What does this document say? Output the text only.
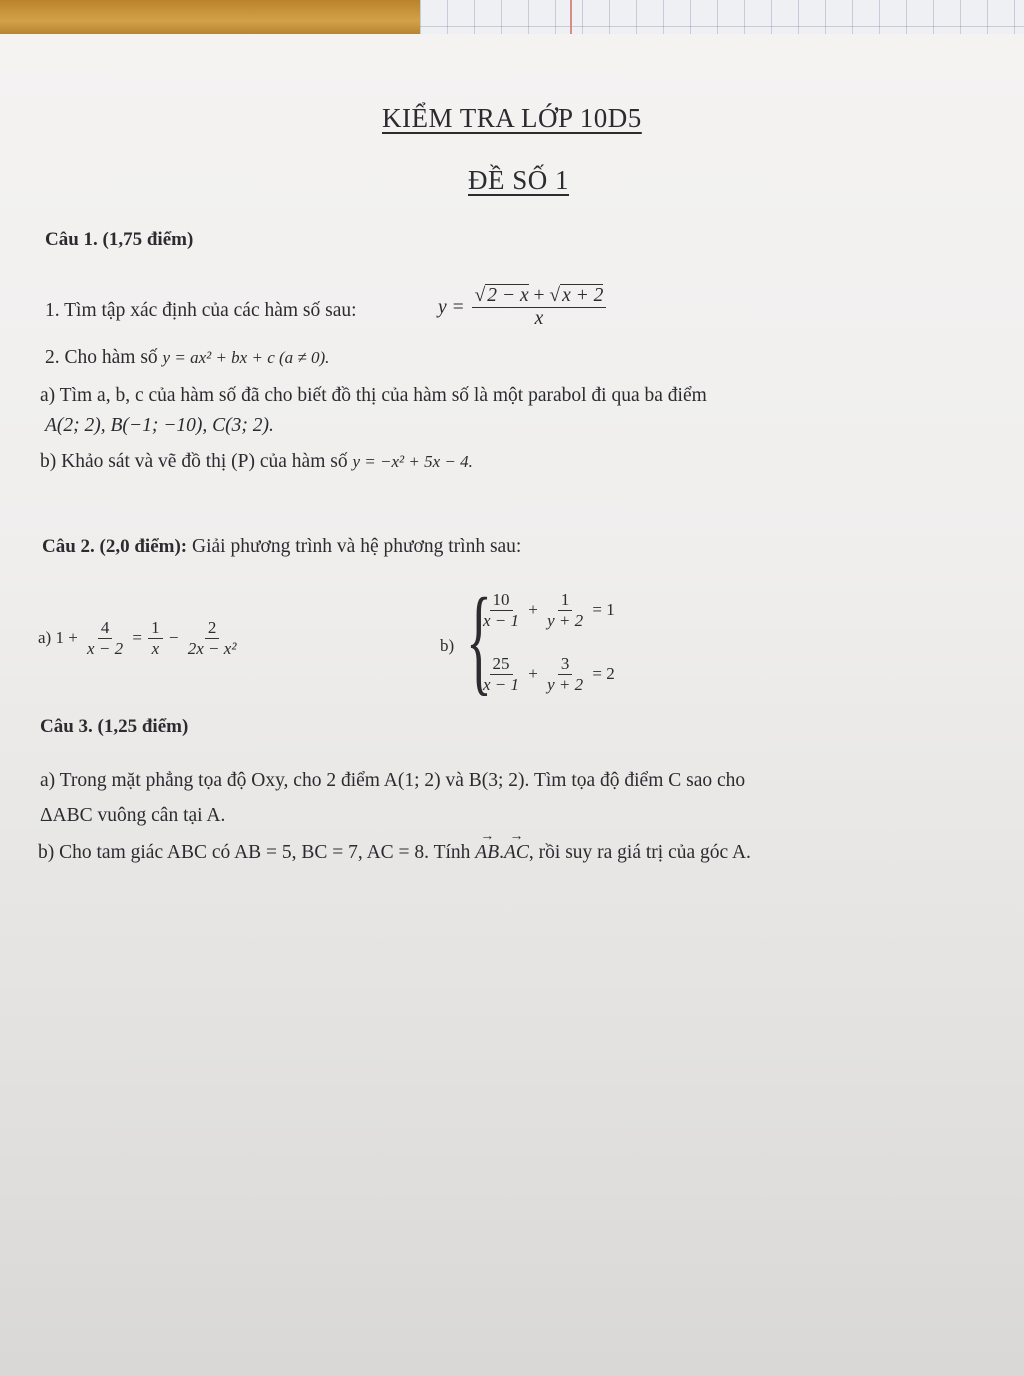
KIỂM TRA LỚP 10D5
ĐỀ SỐ 1
Câu 1. (1,75 điểm)
1. Tìm tập xác định của các hàm số sau:	$y = \frac{√ 2 - x + √ x + 2}{x}$
2. Cho hàm số y = ax² + bx + c (a ≠ 0).
a) Tìm a, b, c của hàm số đã cho biết đồ thị của hàm số là một parabol đi qua ba điểm
A(2; 2), B(−1; −10), C(3; 2).
b) Khảo sát và vẽ đồ thị (P) của hàm số y = −x² + 5x − 4.
Câu 2. (2,0 điểm): Giải phương trình và hệ phương trình sau:
a) $1 + \frac{4}{x - 2} = \frac{1}{x} - \frac{2}{\text{2x − x²}}$	b) {
$\frac{10}{x - 1} + \frac{1}{y + 2} = 1$
$\frac{25}{x - 1} + \frac{3}{y + 2} = 2$
Câu 3. (1,25 điểm)
a) Trong mặt phẳng tọa độ Oxy, cho 2 điểm A(1; 2) và B(3; 2). Tìm tọa độ điểm C sao cho
ΔABC vuông cân tại A.
b) Cho tam giác ABC có AB = 5, BC = 7, AC = 8. Tính → AB.→ AC, rồi suy ra giá trị của góc A.
